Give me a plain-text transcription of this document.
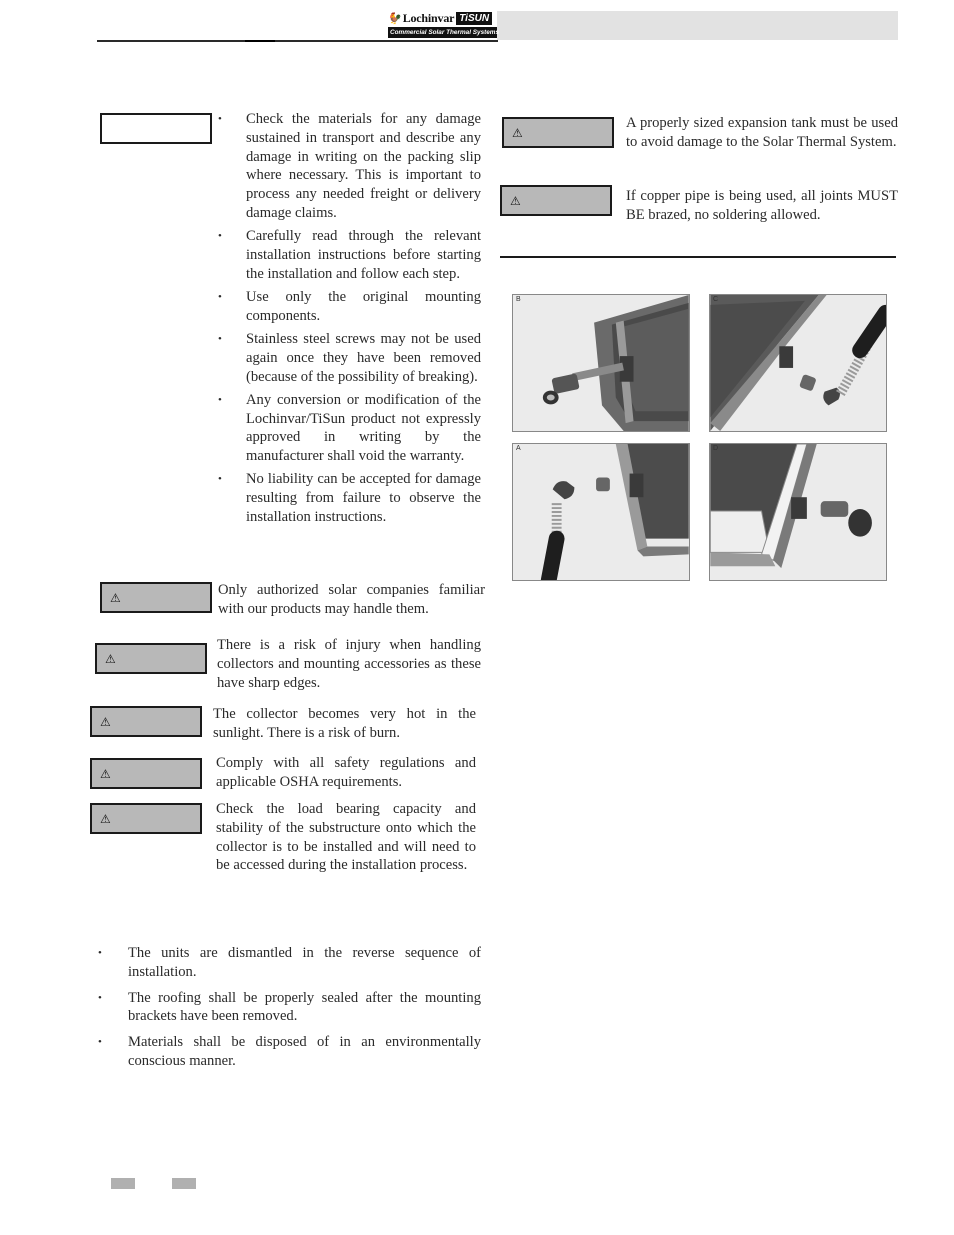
🐓 Lochinvar TiSUN
Commercial Solar Thermal Systems
• Check the materials for any damage sustained in transport and describe any damage in writing on the packing slip where necessary. This is important to process any needed freight or delivery damage claims.
• Carefully read through the relevant installation instructions before starting the installation and follow each step.
• Use only the original mounting components.
• Stainless steel screws may not be used again once they have been removed (because of the possibility of breaking).
• Any conversion or modification of the Lochinvar/TiSun product not expressly approved in writing by the manufacturer shall void the warranty.
• No liability can be accepted for damage resulting from failure to observe the installation instructions.
⚠	Only authorized solar companies familiar with our products may handle them.
⚠
There is a risk of injury when handling collectors and mounting accessories as these have sharp edges.
⚠	The collector becomes very hot in the sunlight. There is a risk of burn.
⚠
Comply with all safety regulations and applicable OSHA requirements.
⚠
Check the load bearing capacity and stability of the substructure onto which the collector is to be installed and will need to be accessed during the installation process.
• The units are dismantled in the reverse sequence of installation.
• The roofing shall be properly sealed after the mounting brackets have been removed.
• Materials shall be disposed of in an environmentally conscious manner.
⚠
A properly sized expansion tank must be used to avoid damage to the Solar Thermal System.
⚠	If copper pipe is being used, all joints MUST BE brazed, no soldering allowed.
B	C
A	D
